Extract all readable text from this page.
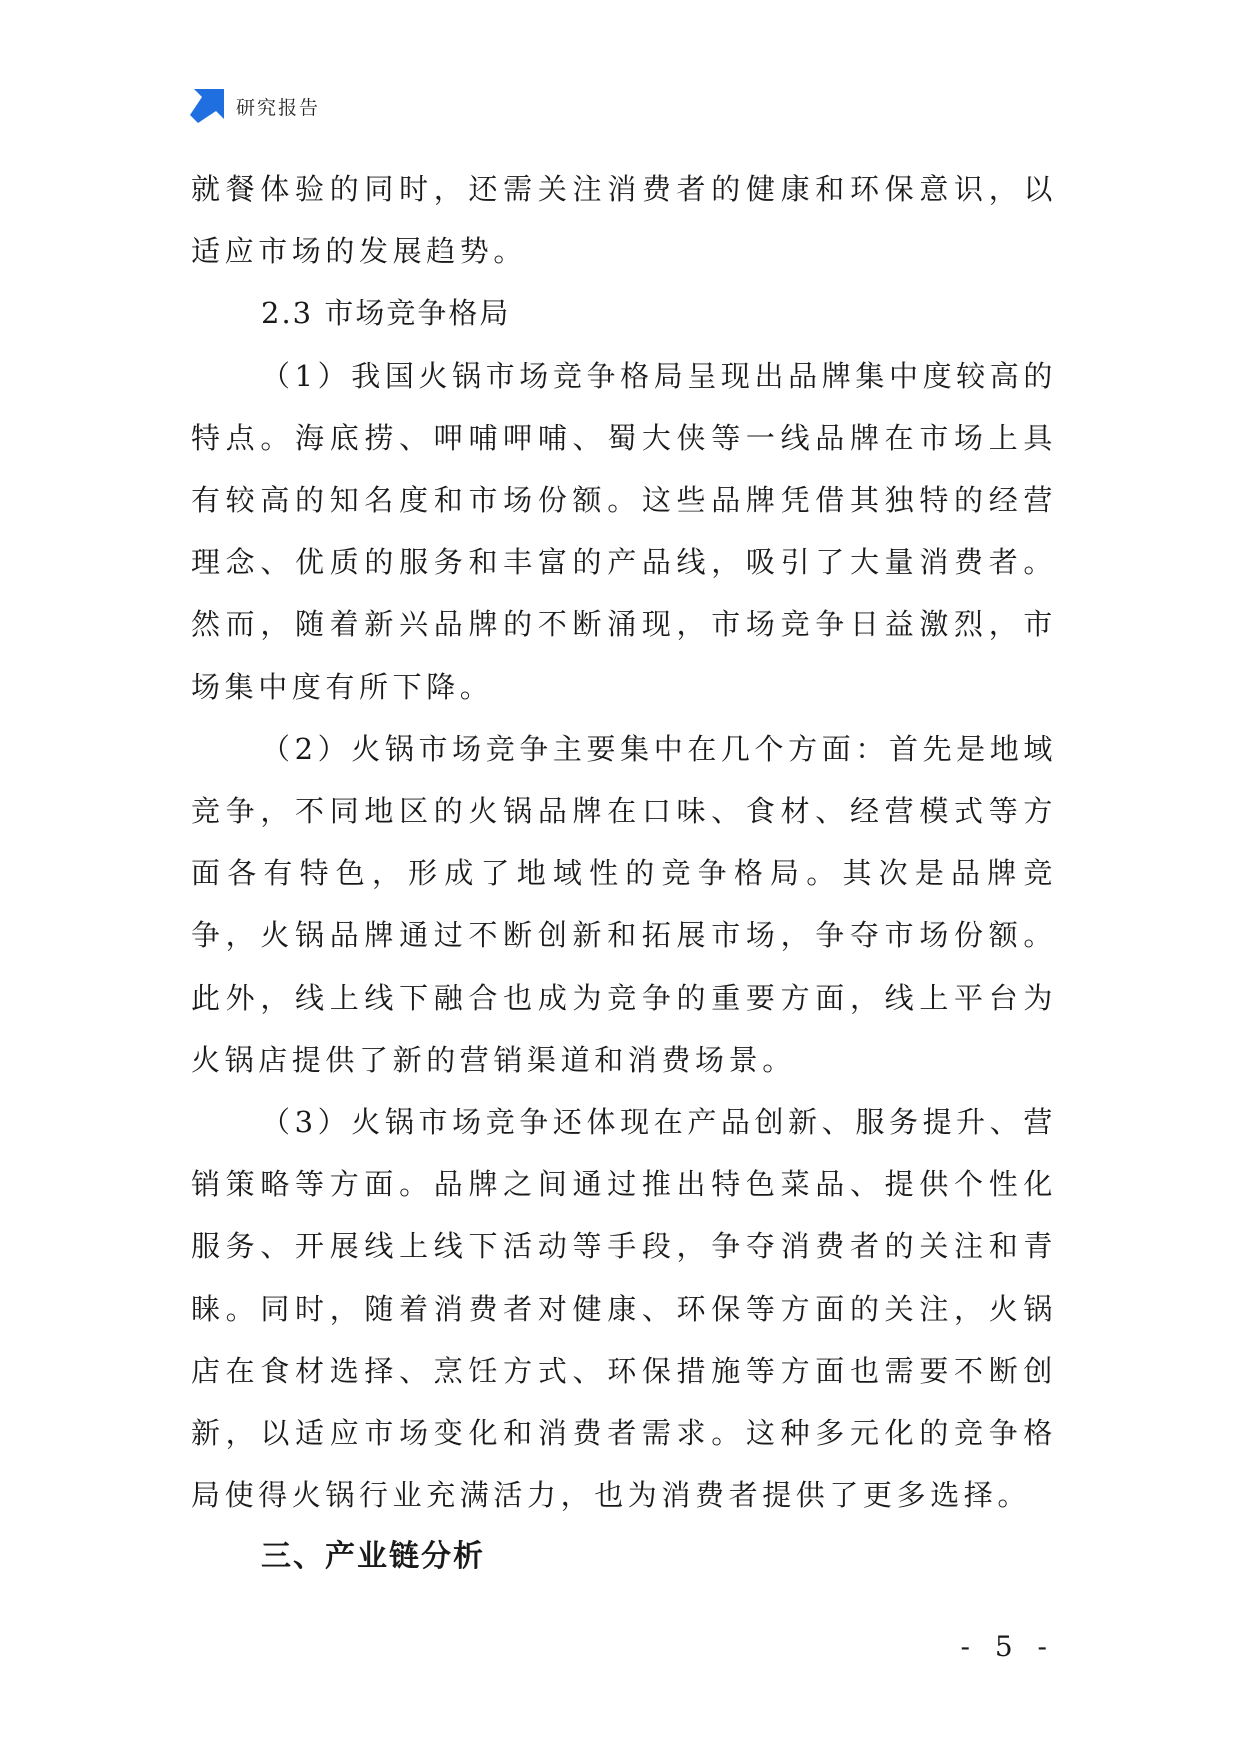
研究报告

就餐体验的同时，还需关注消费者的健康和环保意识，以适应市场的发展趋势。

2.3 市场竞争格局

（1）我国火锅市场竞争格局呈现出品牌集中度较高的特点。海底捞、呷哺呷哺、蜀大侠等一线品牌在市场上具有较高的知名度和市场份额。这些品牌凭借其独特的经营理念、优质的服务和丰富的产品线，吸引了大量消费者。然而，随着新兴品牌的不断涌现，市场竞争日益激烈，市场集中度有所下降。

（2）火锅市场竞争主要集中在几个方面：首先是地域竞争，不同地区的火锅品牌在口味、食材、经营模式等方面各有特色，形成了地域性的竞争格局。其次是品牌竞争，火锅品牌通过不断创新和拓展市场，争夺市场份额。此外，线上线下融合也成为竞争的重要方面，线上平台为火锅店提供了新的营销渠道和消费场景。

（3）火锅市场竞争还体现在产品创新、服务提升、营销策略等方面。品牌之间通过推出特色菜品、提供个性化服务、开展线上线下活动等手段，争夺消费者的关注和青睐。同时，随着消费者对健康、环保等方面的关注，火锅店在食材选择、烹饪方式、环保措施等方面也需要不断创新，以适应市场变化和消费者需求。这种多元化的竞争格局使得火锅行业充满活力，也为消费者提供了更多选择。

三、产业链分析
- 5 -
